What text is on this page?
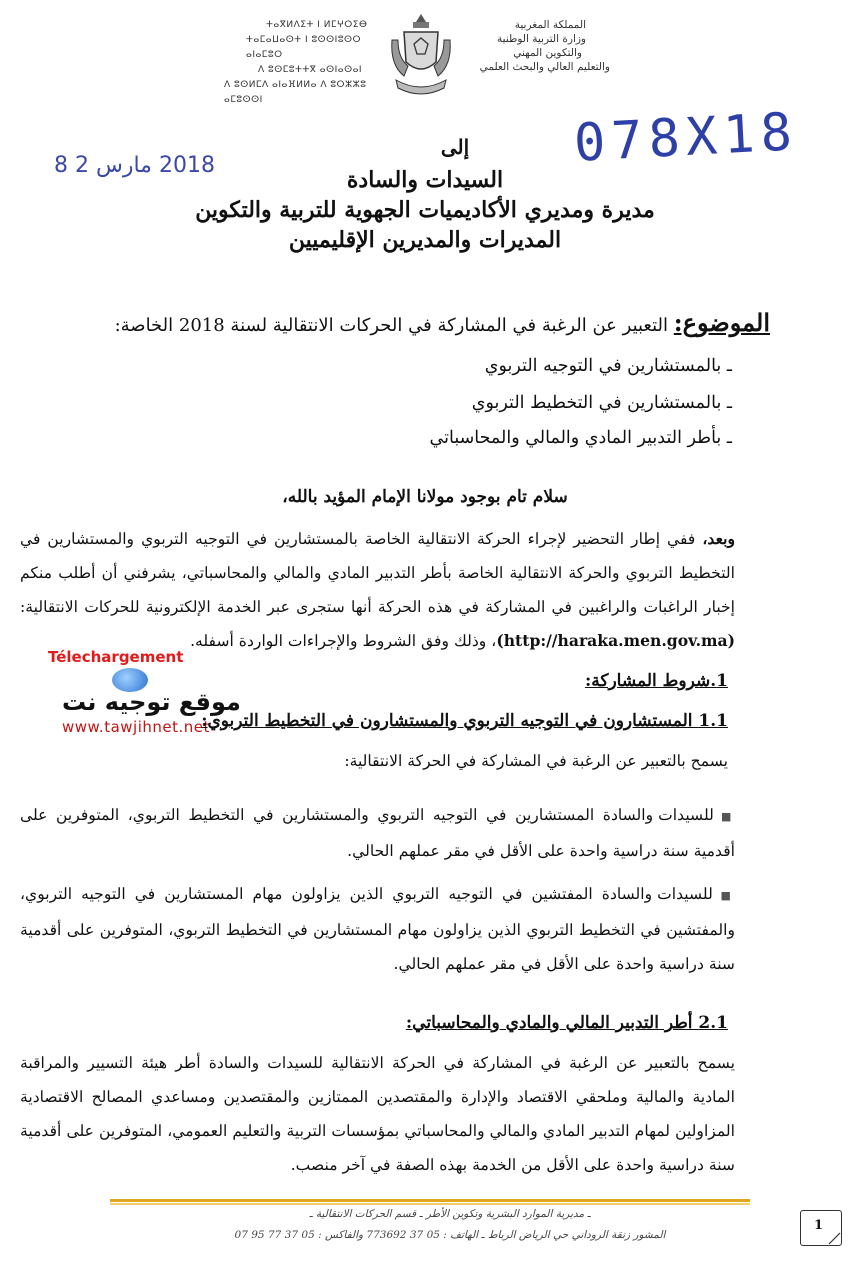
ⵜⴰⴳⵍⴷⵉⵜ ⵏ ⵍⵎⵖⵔⵉⴱ
ⵜⴰⵎⴰⵡⴰⵙⵜ ⵏ ⵓⵙⵙⵏⵓⵙⵔ ⴰⵏⴰⵎⵓⵔ
ⴷ ⵓⵙⵎⵓⵜⵜⴳ ⴰⵙⵏⴰⵙⴰⵏ
ⴷ ⵓⵙⵍⵎⴷ ⴰⵏⴰⴼⵍⵍⴰ ⴷ ⵓⵔⵣⵣⵓ ⴰⵎⵓⵙⵙⵏ
المملكة المغربية
وزارة التربية الوطنية
والتكوين المهني
والتعليم العالي والبحث العلمي
2018 مارس 2 8	078X18
إلى
السيدات والسادة
مديرة ومديري الأكاديميات الجهوية للتربية والتكوين
المديرات والمديرين الإقليميين
الموضوع: التعبير عن الرغبة في المشاركة في الحركات الانتقالية لسنة 2018 الخاصة:
ـ بالمستشارين في التوجيه التربوي
ـ بالمستشارين في التخطيط التربوي
ـ بأطر التدبير المادي والمالي والمحاسباتي
سلام تام بوجود مولانا الإمام المؤيد بالله،
وبعد، ففي إطار التحضير لإجراء الحركة الانتقالية الخاصة بالمستشارين في التوجيه التربوي والمستشارين في التخطيط التربوي والحركة الانتقالية الخاصة بأطر التدبير المادي والمالي والمحاسباتي، يشرفني أن أطلب منكم إخبار الراغبات والراغبين في المشاركة في هذه الحركة أنها ستجرى عبر الخدمة الإلكترونية للحركات الانتقالية: (http://haraka.men.gov.ma)، وذلك وفق الشروط والإجراءات الواردة أسفله.
Télechargement
موقع توجيه نت
www.tawjihnet.net
1.شروط المشاركة:
1.1 المستشارون في التوجيه التربوي والمستشارون في التخطيط التربوي:
يسمح بالتعبير عن الرغبة في المشاركة في الحركة الانتقالية:
■ للسيدات والسادة المستشارين في التوجيه التربوي والمستشارين في التخطيط التربوي، المتوفرين على أقدمية سنة دراسية واحدة على الأقل في مقر عملهم الحالي.
■ للسيدات والسادة المفتشين في التوجيه التربوي الذين يزاولون مهام المستشارين في التوجيه التربوي، والمفتشين في التخطيط التربوي الذين يزاولون مهام المستشارين في التخطيط التربوي، المتوفرين على أقدمية سنة دراسية واحدة على الأقل في مقر عملهم الحالي.
2.1 أطر التدبير المالي والمادي والمحاسباتي:
يسمح بالتعبير عن الرغبة في المشاركة في الحركة الانتقالية للسيدات والسادة أطر هيئة التسيير والمراقبة المادية والمالية وملحقي الاقتصاد والإدارة والمقتصدين الممتازين والمقتصدين ومساعدي المصالح الاقتصادية المزاولين لمهام التدبير المادي والمالي والمحاسباتي بمؤسسات التربية والتعليم العمومي، المتوفرين على أقدمية سنة دراسية واحدة على الأقل من الخدمة بهذه الصفة في آخر منصب.
ـ مديرية الموارد البشرية وتكوين الأطر ـ قسم الحركات الانتقالية ـ
المشور زنقة الروداني حي الرياض الرباط ـ الهاتف : 05 37 773692 والفاكس : 05 37 77 95 07
1
